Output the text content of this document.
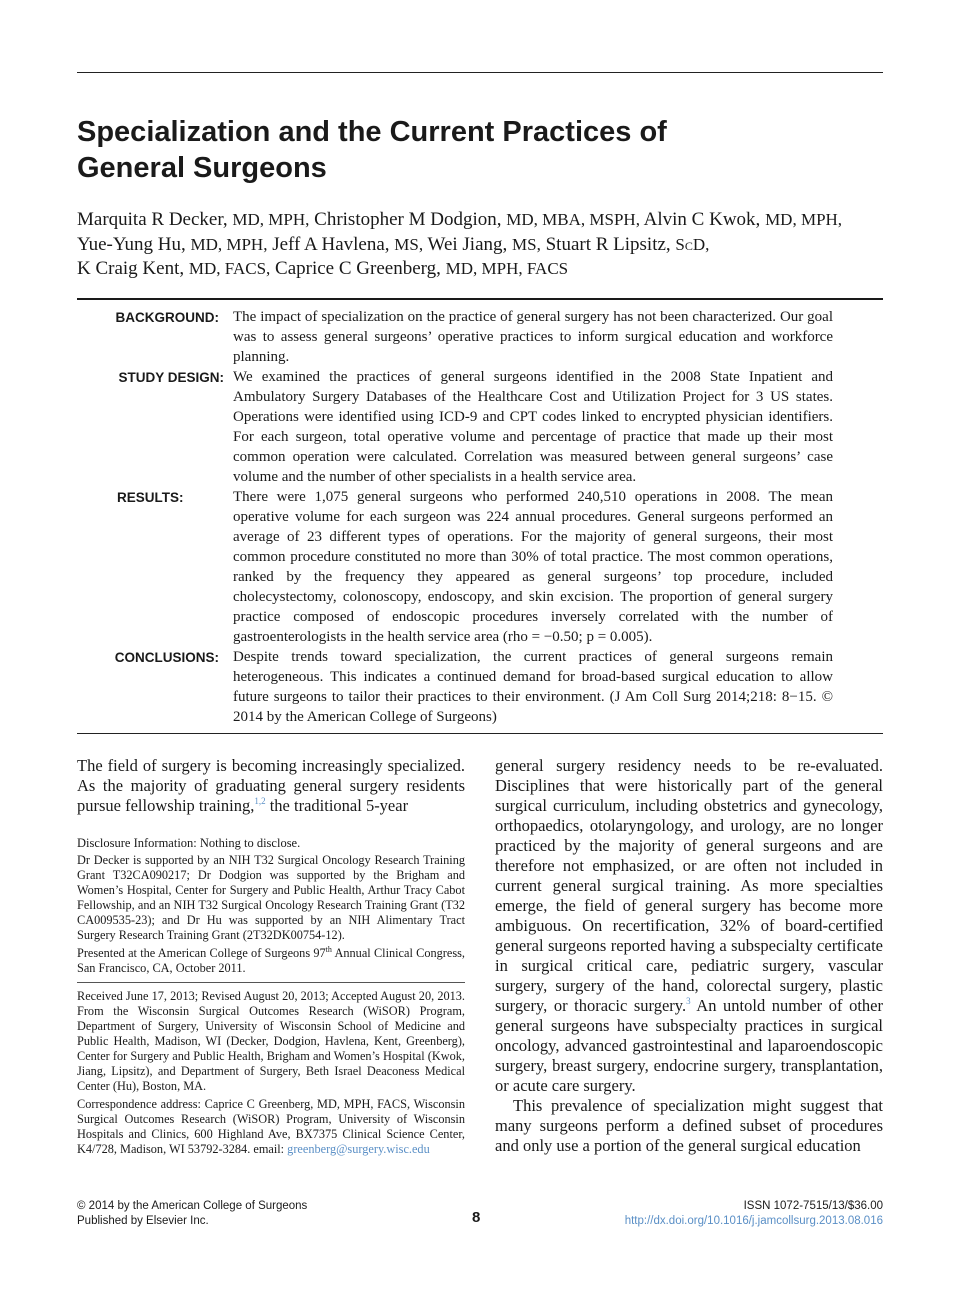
Specialization and the Current Practices of
General Surgeons
Marquita R Decker, MD, MPH, Christopher M Dodgion, MD, MBA, MSPH, Alvin C Kwok, MD, MPH,
Yue-Yung Hu, MD, MPH, Jeff A Havlena, MS, Wei Jiang, MS, Stuart R Lipsitz, ScD,
K Craig Kent, MD, FACS, Caprice C Greenberg, MD, MPH, FACS
BACKGROUND: The impact of specialization on the practice of general surgery has not been characterized. Our goal was to assess general surgeons’ operative practices to inform surgical education and workforce planning.
STUDY DESIGN: We examined the practices of general surgeons identified in the 2008 State Inpatient and Ambulatory Surgery Databases of the Healthcare Cost and Utilization Project for 3 US states. Operations were identified using ICD-9 and CPT codes linked to encrypted physician identifiers. For each surgeon, total operative volume and percentage of practice that made up their most common operation were calculated. Correlation was measured between general surgeons’ case volume and the number of other specialists in a health service area.
RESULTS:	There were 1,075 general surgeons who performed 240,510 operations in 2008. The mean operative volume for each surgeon was 224 annual procedures. General surgeons performed an average of 23 different types of operations. For the majority of general surgeons, their most common procedure constituted no more than 30% of total practice. The most common operations, ranked by the frequency they appeared as general surgeons’ top procedure, included cholecystectomy, colonoscopy, endoscopy, and skin excision. The proportion of general surgery practice composed of endoscopic procedures inversely correlated with the number of gastroenterologists in the health service area (rho = −0.50; p = 0.005).
CONCLUSIONS: Despite trends toward specialization, the current practices of general surgeons remain heterogeneous. This indicates a continued demand for broad-based surgical education to allow future surgeons to tailor their practices to their environment. (J Am Coll Surg 2014;218: 8−15. © 2014 by the American College of Surgeons)

The field of surgery is becoming increasingly specialized. As the majority of graduating general surgery residents pursue fellowship training,$^{1,2}$ the traditional 5-year

Disclosure Information: Nothing to disclose.

Dr Decker is supported by an NIH T32 Surgical Oncology Research Training Grant T32CA090217; Dr Dodgion was supported by the Brigham and Women’s Hospital, Center for Surgery and Public Health, Arthur Tracy Cabot Fellowship, and an NIH T32 Surgical Oncology Research Training Grant (T32 CA009535-23); and Dr Hu was supported by an NIH Alimentary Tract Surgery Research Training Grant (2T32DK00754-12).

Presented at the American College of Surgeons 97th Annual Clinical Congress, San Francisco, CA, October 2011.

Received June 17, 2013; Revised August 20, 2013; Accepted August 20, 2013. From the Wisconsin Surgical Outcomes Research (WiSOR) Program, Department of Surgery, University of Wisconsin School of Medicine and Public Health, Madison, WI (Decker, Dodgion, Havlena, Kent, Greenberg), Center for Surgery and Public Health, Brigham and Women’s Hospital (Kwok, Jiang, Lipsitz), and Department of Surgery, Beth Israel Deaconess Medical Center (Hu), Boston, MA.

Correspondence address: Caprice C Greenberg, MD, MPH, FACS, Wisconsin Surgical Outcomes Research (WiSOR) Program, University of Wisconsin Hospitals and Clinics, 600 Highland Ave, BX7375 Clinical Science Center, K4/728, Madison, WI 53792-3284. email: greenberg@surgery.wisc.edu

general surgery residency needs to be re-evaluated. Disciplines that were historically part of the general surgical curriculum, including obstetrics and gynecology, orthopaedics, otolaryngology, and urology, are no longer practiced by the majority of general surgeons and are therefore not emphasized, or are often not included in current general surgical training. As more specialties emerge, the field of general surgery has become more ambiguous. On recertification, 32% of board-certified general surgeons reported having a subspecialty certificate in surgical critical care, pediatric surgery, vascular surgery, surgery of the hand, colorectal surgery, plastic surgery, or thoracic surgery.$^3$ An untold number of other general surgeons have subspecialty practices in surgical oncology, advanced gastrointestinal and laparoendoscopic surgery, breast surgery, endocrine surgery, transplantation, or acute care surgery.

This prevalence of specialization might suggest that many surgeons perform a defined subset of procedures and only use a portion of the general surgical education

© 2014 by the American College of Surgeons
Published by Elsevier Inc.	8
ISSN 1072-7515/13/$36.00
http://dx.doi.org/10.1016/j.jamcollsurg.2013.08.016
